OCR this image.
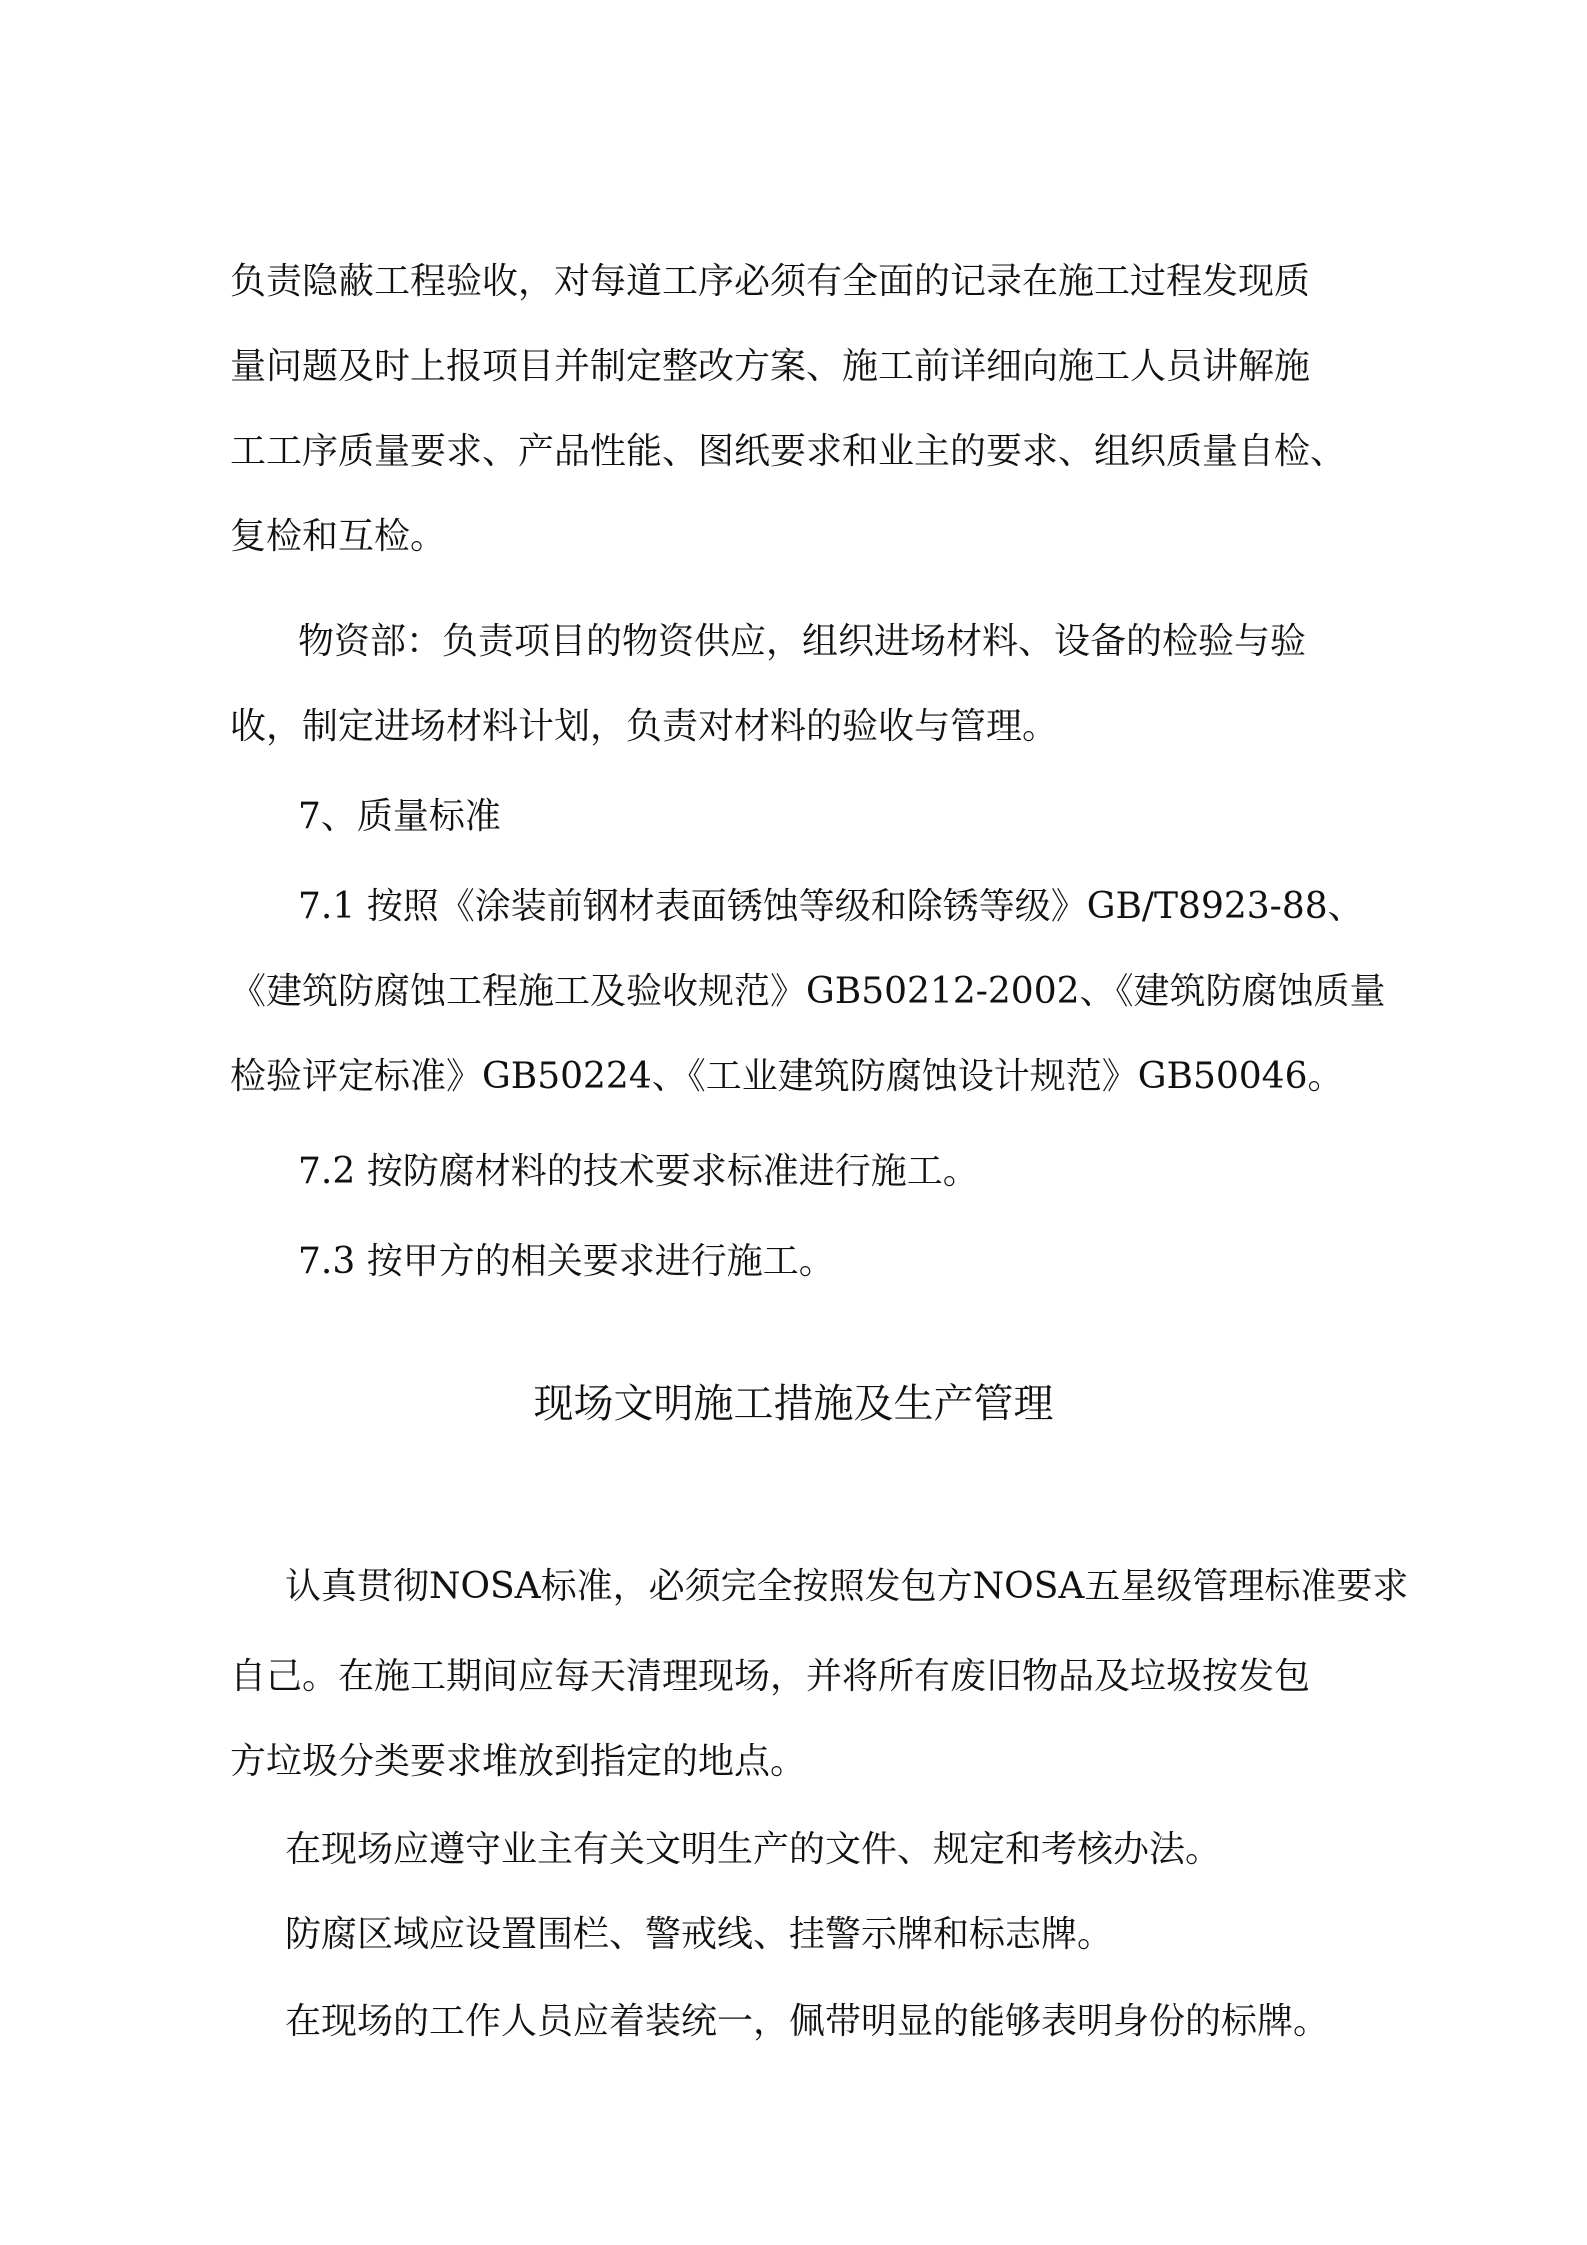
负责隐蔽工程验收，对每道工序必须有全面的记录在施工过程发现质

量问题及时上报项目并制定整改方案、施工前详细向施工人员讲解施

工工序质量要求、产品性能、图纸要求和业主的要求、组织质量自检、

复检和互检。

物资部：负责项目的物资供应，组织进场材料、设备的检验与验

收，制定进场材料计划，负责对材料的验收与管理。

7、质量标准

7.1 按照《涂装前钢材表面锈蚀等级和除锈等级》GB/T8923-88、

《建筑防腐蚀工程施工及验收规范》GB50212-2002、《建筑防腐蚀质量

检验评定标准》GB50224、《工业建筑防腐蚀设计规范》GB50046。

7.2 按防腐材料的技术要求标准进行施工。

7.3 按甲方的相关要求进行施工。

现场文明施工措施及生产管理

认真贯彻NOSA标准，必须完全按照发包方NOSA五星级管理标准要求

自己。在施工期间应每天清理现场，并将所有废旧物品及垃圾按发包

方垃圾分类要求堆放到指定的地点。

在现场应遵守业主有关文明生产的文件、规定和考核办法。

防腐区域应设置围栏、警戒线、挂警示牌和标志牌。

在现场的工作人员应着装统一，佩带明显的能够表明身份的标牌。
